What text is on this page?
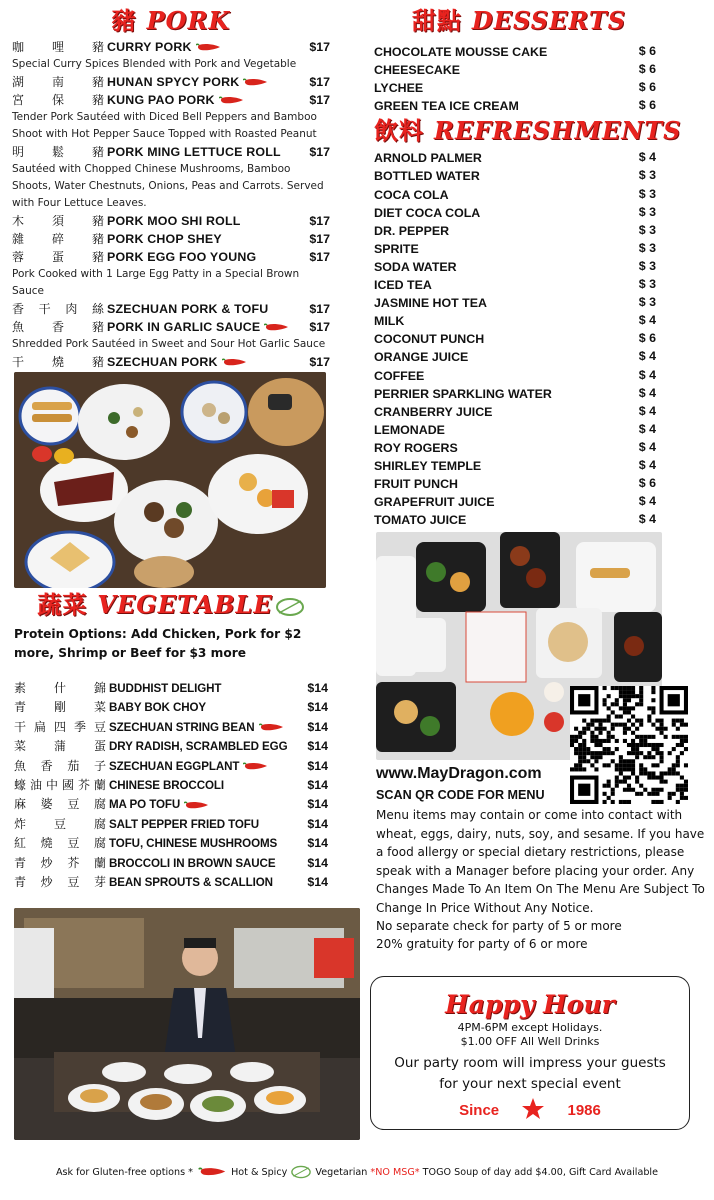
豬 PORK
咖 哩 豬 CURRY PORK	$17
Special Curry Spices Blended with Pork and Vegetable
湖 南 豬 HUNAN SPYCY PORK	$17
宮 保 豬 KUNG PAO PORK	$17
Tender Pork Sautéed with Diced Bell Peppers and Bamboo Shoot with Hot Pepper Sauce Topped with Roasted Peanut
明 鬆 豬 PORK MING LETTUCE ROLL $17
Sautéed with Chopped Chinese Mushrooms, Bamboo Shoots, Water Chestnuts, Onions, Peas and Carrots. Served with Four Lettuce Leaves.
木 須 豬 PORK MOO SHI ROLL	$17
雜 碎 豬 PORK CHOP SHEY	$17
蓉 蛋 豬 PORK EGG FOO YOUNG	$17
Pork Cooked with 1 Large Egg Patty in a Special Brown Sauce
香 干 肉 絲 SZECHUAN PORK & TOFU	$17
魚 香 豬 PORK IN GARLIC SAUCE	$17
Shredded Pork Sautéed in Sweet and Sour Hot Garlic Sauce
干 燒 豬 SZECHUAN PORK	$17
蔬菜 VEGETABLE
Protein Options: Add Chicken, Pork for $2 more, Shrimp or Beef for $3 more
素 什 錦 BUDDHIST DELIGHT	$14
青 剛 菜 BABY BOK CHOY	$14
干 扁 四 季 豆 SZECHUAN STRING BEAN	$14
菜 蒲 蛋 DRY RADISH, SCRAMBLED EGG $14
魚 香 茄 子 SZECHUAN EGGPLANT	$14
蠔 油 中 國 芥 蘭 CHINESE BROCCOLI	$14
麻 婆 豆 腐 MA PO TOFU	$14
炸 豆 腐 SALT PEPPER FRIED TOFU	$14
紅 燒 豆 腐 TOFU, CHINESE MUSHROOMS $14
青 炒 芥 蘭 BROCCOLI IN BROWN SAUCE	$14
青 炒 豆 芽 BEAN SPROUTS & SCALLION	$14
甜點 DESSERTS
CHOCOLATE MOUSSE CAKE	$ 6
CHEESECAKE	$ 6
LYCHEE	$ 6
GREEN TEA ICE CREAM	$ 6
飲料 REFRESHMENTS
ARNOLD PALMER	$ 4
BOTTLED WATER	$ 3
COCA COLA	$ 3
DIET COCA COLA	$ 3
DR. PEPPER	$ 3
SPRITE	$ 3
SODA WATER	$ 3
ICED TEA	$ 3
JASMINE HOT TEA	$ 3
MILK	$ 4
COCONUT PUNCH	$ 6
ORANGE JUICE	$ 4
COFFEE	$ 4
PERRIER SPARKLING WATER	$ 4
CRANBERRY JUICE	$ 4
LEMONADE	$ 4
ROY ROGERS	$ 4
SHIRLEY TEMPLE	$ 4
FRUIT PUNCH	$ 6
GRAPEFRUIT JUICE	$ 4
TOMATO JUICE	$ 4
www.MayDragon.com
SCAN QR CODE FOR MENU
Menu items may contain or come into contact with wheat, eggs, dairy, nuts, soy, and sesame. If you have a food allergy or special dietary restrictions, please speak with a Manager before placing your order. Any Changes Made To An Item On The Menu Are Subject To Change In Price Without Any Notice.
No separate check for party of 5 or more
20% gratuity for party of 6 or more
Happy Hour
4PM-6PM except Holidays.
$1.00 OFF All Well Drinks
Our party room will impress your guests for your next special event
Since	1986
Ask for Gluten-free options *	Hot & Spicy	Vegetarian *NO MSG* TOGO Soup of day add $4.00, Gift Card Available
